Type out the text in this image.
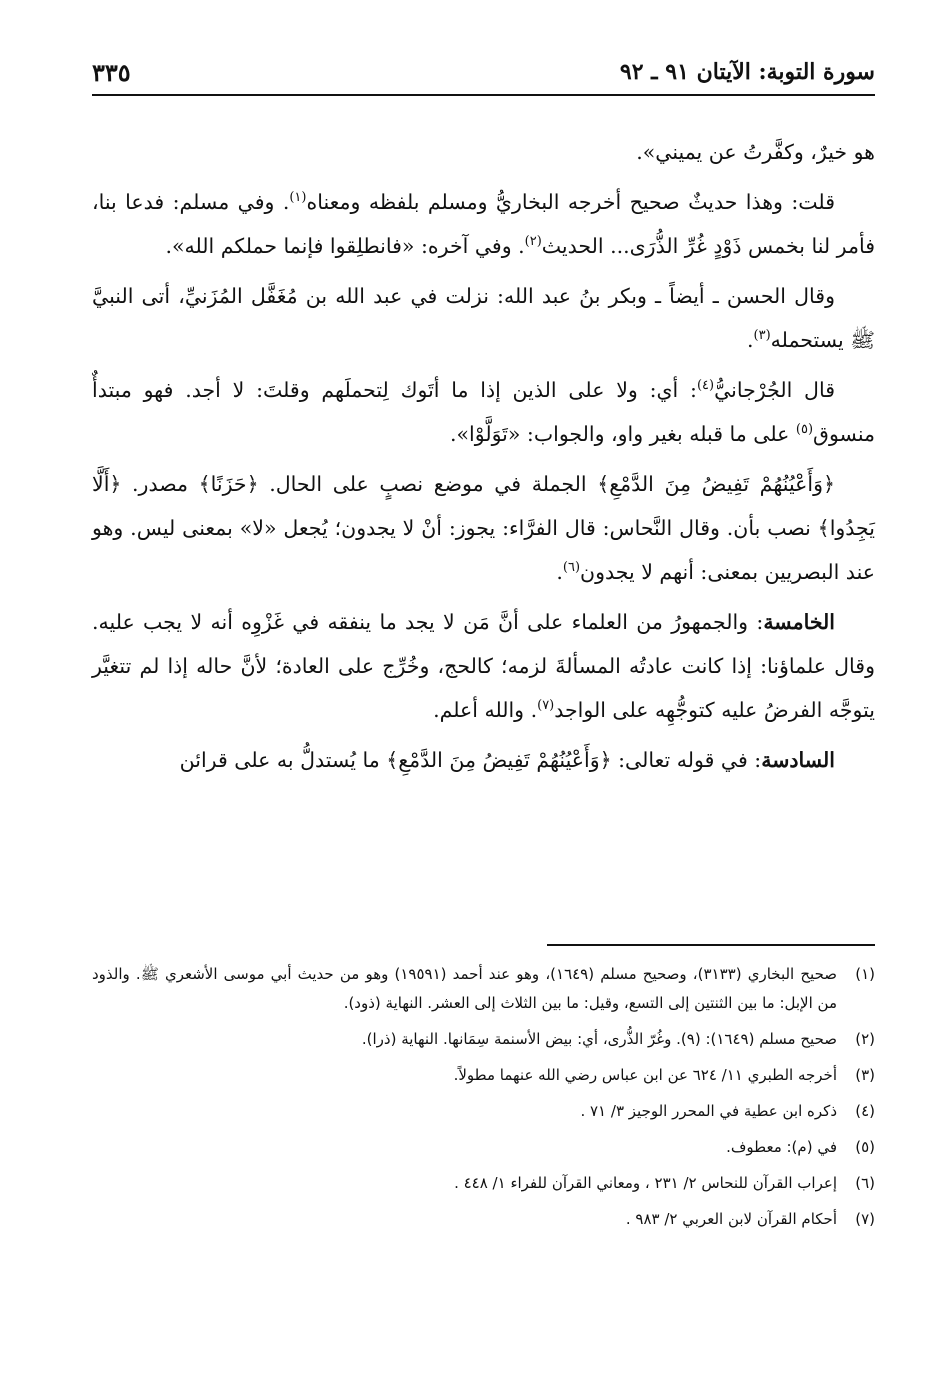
سورة التوبة: الآيتان ٩١ ـ ٩٢
٣٣٥

هو خيرٌ، وكفَّرتُ عن يميني».

قلت: وهذا حديثٌ صحيح أخرجه البخاريُّ ومسلم بلفظه ومعناه$^{(١)}$. وفي مسلم: فدعا بنا، فأمر لنا بخمس ذَوْدٍ غُرِّ الذُّرَى... الحديث$^{(٢)}$. وفي آخره: «فانطلِقوا فإنما حملكم الله».

وقال الحسن ـ أيضاً ـ وبكر بنُ عبد الله: نزلت في عبد الله بن مُغَفَّل المُزَنيِّ، أتى النبيَّ ﷺ يستحمله$^{(٣)}$.

قال الجُرْجانيُّ$^{(٤)}$: أي: ولا على الذين إذا ما أتَوك لِتحملَهم وقلتَ: لا أجد. فهو مبتدأٌ منسوق$^{(٥)}$ على ما قبله بغير واو، والجواب: «تَوَلَّوْا».

﴿وَأَعْيُنُهُمْ تَفِيضُ مِنَ الدَّمْعِ﴾ الجملة في موضع نصبٍ على الحال. ﴿حَزَنًا﴾ مصدر. ﴿أَلَّا يَجِدُوا﴾ نصب بأن. وقال النَّحاس: قال الفرَّاء: يجوز: أنْ لا يجدون؛ يُجعل «لا» بمعنى ليس. وهو عند البصريين بمعنى: أنهم لا يجدون$^{(٦)}$.

الخامسة: والجمهورُ من العلماء على أنَّ مَن لا يجد ما ينفقه في غَزْوِه أنه لا يجب عليه. وقال علماؤنا: إذا كانت عادتُه المسألةَ لزمه؛ كالحج، وخُرِّج على العادة؛ لأنَّ حاله إذا لم تتغيَّر يتوجَّه الفرضُ عليه كتوجُّهِه على الواجد$^{(٧)}$. والله أعلم.

السادسة: في قوله تعالى: ﴿وَأَعْيُنُهُمْ تَفِيضُ مِنَ الدَّمْعِ﴾ ما يُستدلُّ به على قرائن

(١)
صحيح البخاري (٣١٣٣)، وصحيح مسلم (١٦٤٩)، وهو عند أحمد (١٩٥٩١) وهو من حديث أبي موسى الأشعري ﷺ. والذود من الإبل: ما بين الثنتين إلى التسع، وقيل: ما بين الثلاث إلى العشر. النهاية (ذود).
(٢)
صحيح مسلم (١٦٤٩): (٩). وغُرّ الذُّرى، أي: بيض الأسنمة سِمَانها. النهاية (ذرا).
(٣)
أخرجه الطبري ١١/ ٦٢٤ عن ابن عباس رضي الله عنهما مطولاً.
(٤)
ذكره ابن عطية في المحرر الوجيز ٣/ ٧١ .
(٥)
في (م): معطوف.
(٦)
إعراب القرآن للنحاس ٢/ ٢٣١ ، ومعاني القرآن للفراء ١/ ٤٤٨ .
(٧)
أحكام القرآن لابن العربي ٢/ ٩٨٣ .
